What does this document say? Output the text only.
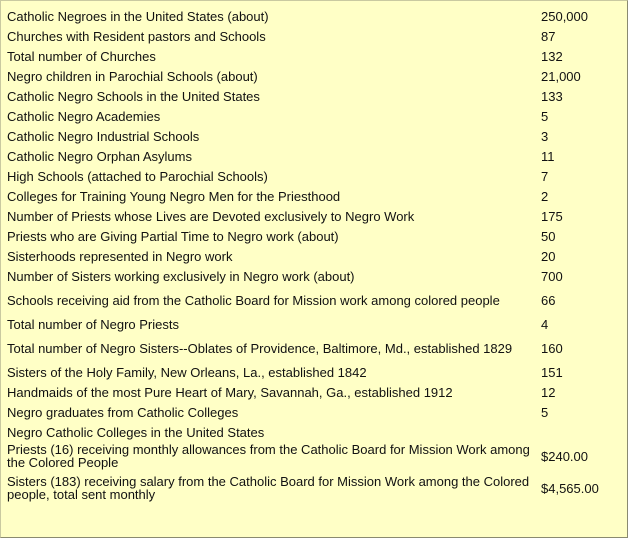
Catholic Negroes in the United States (about)	250,000
Churches with Resident pastors and Schools	87
Total number of Churches	132
Negro children in Parochial Schools (about)	21,000
Catholic Negro Schools in the United States	133
Catholic Negro Academies	5
Catholic Negro Industrial Schools	3
Catholic Negro Orphan Asylums	11
High Schools (attached to Parochial Schools)	7
Colleges for Training Young Negro Men for the Priesthood	2
Number of Priests whose Lives are Devoted exclusively to Negro Work	175
Priests who are Giving Partial Time to Negro work (about)	50
Sisterhoods represented in Negro work	20
Number of Sisters working exclusively in Negro work (about)	700
Schools receiving aid from the Catholic Board for Mission work among colored people	66
Total number of Negro Priests	4
Total number of Negro Sisters--Oblates of Providence, Baltimore, Md., established 1829	160
Sisters of the Holy Family, New Orleans, La., established 1842	151
Handmaids of the most Pure Heart of Mary, Savannah, Ga., established 1912	12
Negro graduates from Catholic Colleges	5
Negro Catholic Colleges in the United States	
Priests (16) receiving monthly allowances from the Catholic Board for Mission Work among the Colored People	$240.00
Sisters (183) receiving salary from the Catholic Board for Mission Work among the Colored people, total sent monthly	$4,565.00
